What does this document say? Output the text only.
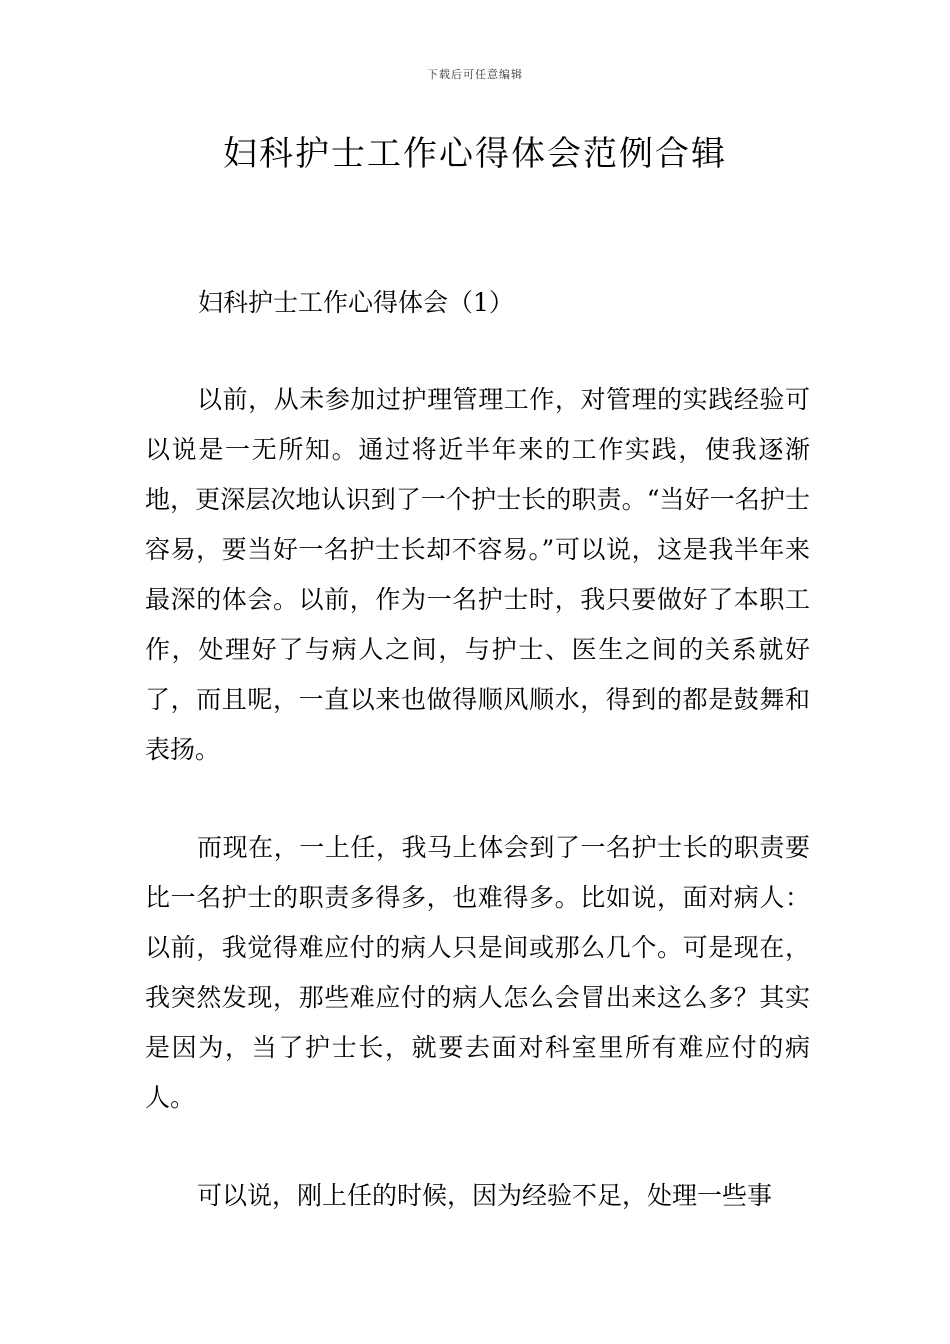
下载后可任意编辑
妇科护士工作心得体会范例合辑
妇科护士工作心得体会（1）

以前，从未参加过护理管理工作，对管理的实践经验可以说是一无所知。通过将近半年来的工作实践，使我逐渐地，更深层次地认识到了一个护士长的职责。“当好一名护士容易，要当好一名护士长却不容易。”可以说，这是我半年来最深的体会。以前，作为一名护士时，我只要做好了本职工作，处理好了与病人之间，与护士、医生之间的关系就好了，而且呢，一直以来也做得顺风顺水，得到的都是鼓舞和表扬。

而现在，一上任，我马上体会到了一名护士长的职责要比一名护士的职责多得多，也难得多。比如说，面对病人：以前，我觉得难应付的病人只是间或那么几个。可是现在，我突然发现，那些难应付的病人怎么会冒出来这么多？其实是因为，当了护士长，就要去面对科室里所有难应付的病人。

可以说，刚上任的时候，因为经验不足，处理一些事
